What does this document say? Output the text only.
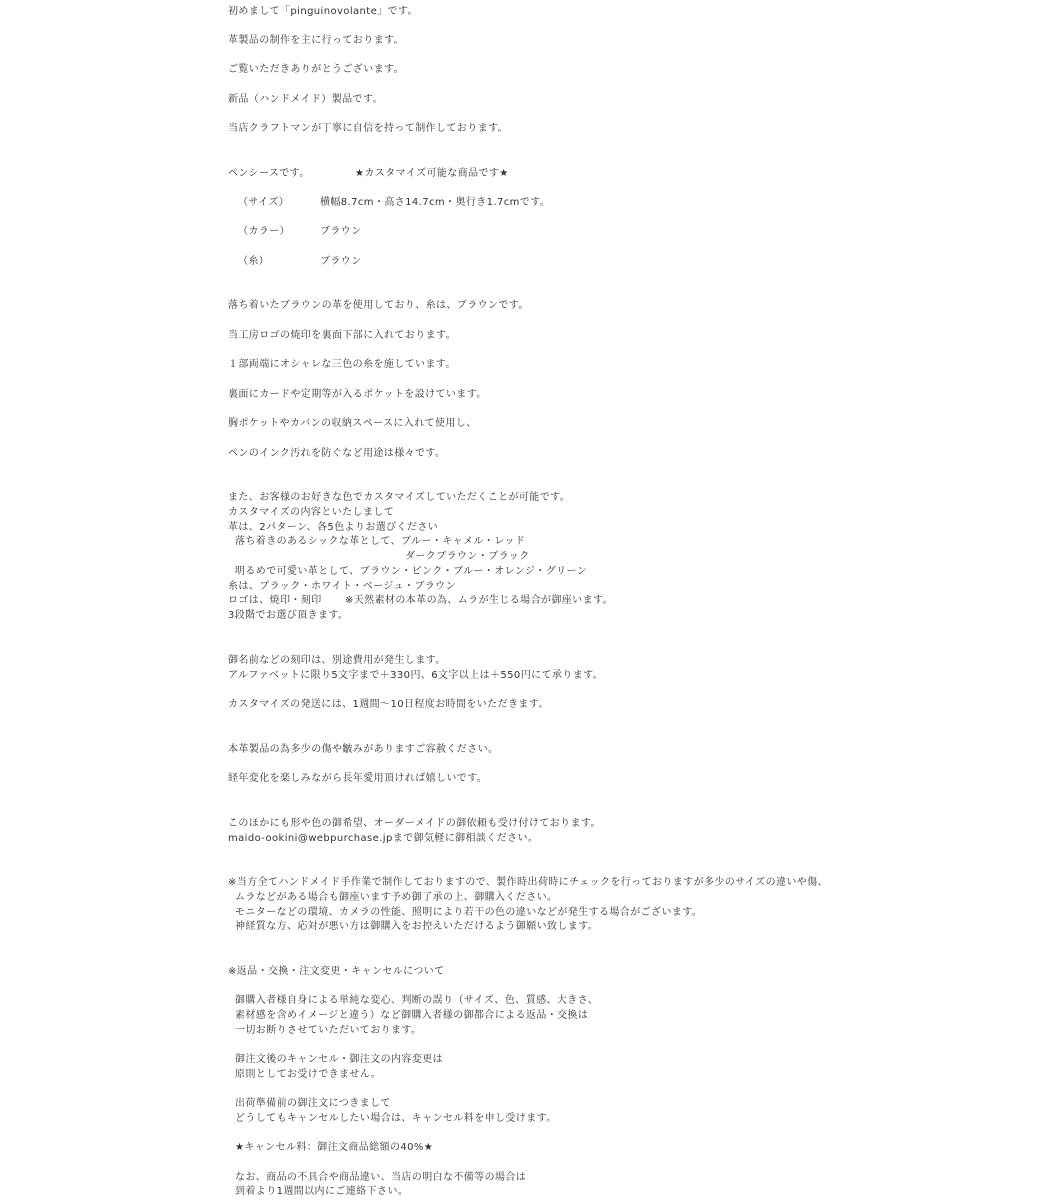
初めまして「pinguinovolante」です。

革製品の制作を主に行っております。

ご覧いただきありがとうございます。

新品（ハンドメイド）製品です。

当店クラフトマンが丁寧に自信を持って制作しております。

ペンシースです。	★カスタマイズ可能な商品です★

（サイズ）	横幅8.7cm・高さ14.7cm・奥行き1.7cmです。

（カラー）	ブラウン

（糸）	ブラウン

落ち着いたブラウンの革を使用しており、糸は、ブラウンです。

当工房ロゴの焼印を裏面下部に入れております。

１部両端にオシャレな三色の糸を施しています。

裏面にカードや定期等が入るポケットを設けています。

胸ポケットやカバンの収納スペースに入れて使用し、

ペンのインク汚れを防ぐなど用途は様々です。

また、お客様のお好きな色でカスタマイズしていただくことが可能です。

カスタマイズの内容といたしまして

革は、2パターン、各5色よりお選びください

落ち着きのあるシックな革として、ブルー・キャメル・レッド

ダークブラウン・ブラック

明るめで可愛い革として、ブラウン・ピンク・ブルー・オレンジ・グリーン

糸は、ブラック・ホワイト・ベージュ・ブラウン

ロゴは、焼印・刻印 ※天然素材の本革の為、ムラが生じる場合が御座います。

3段階でお選び頂きます。

御名前などの刻印は、別途費用が発生します。

アルファベットに限り5文字まで＋330円、6文字以上は＋550円にて承ります。

カスタマイズの発送には、1週間〜10日程度お時間をいただきます。

本革製品の為多少の傷や皺みがありますご容赦ください。

経年変化を楽しみながら長年愛用頂ければ嬉しいです。

このほかにも形や色の御希望、オーダーメイドの御依頼も受け付けております。

maido-ookini@webpurchase.jpまで御気軽に御相談ください。

※当方全てハンドメイド手作業で制作しておりますので、製作時出荷時にチェックを行っておりますが多少のサイズの違いや傷、

ムラなどがある場合も御座います予め御了承の上、御購入ください。

モニターなどの環境、カメラの性能、照明により若干の色の違いなどが発生する場合がございます。

神経質な方、応対が悪い方は御購入をお控えいただけるよう御願い致します。

※返品・交換・注文変更・キャンセルについて

御購入者様自身による単純な変心、判断の誤り（サイズ、色、質感、大きさ、

素材感を含めイメージと違う）など御購入者様の御都合による返品・交換は

一切お断りさせていただいております。

御注文後のキャンセル・御注文の内容変更は

原則としてお受けできません。

出荷準備前の御注文につきまして

どうしてもキャンセルしたい場合は、キャンセル料を申し受けます。

★キャンセル料：御注文商品総額の40%★

なお、商品の不具合や商品違い、当店の明白な不備等の場合は

到着より1週間以内にご連絡下さい。
